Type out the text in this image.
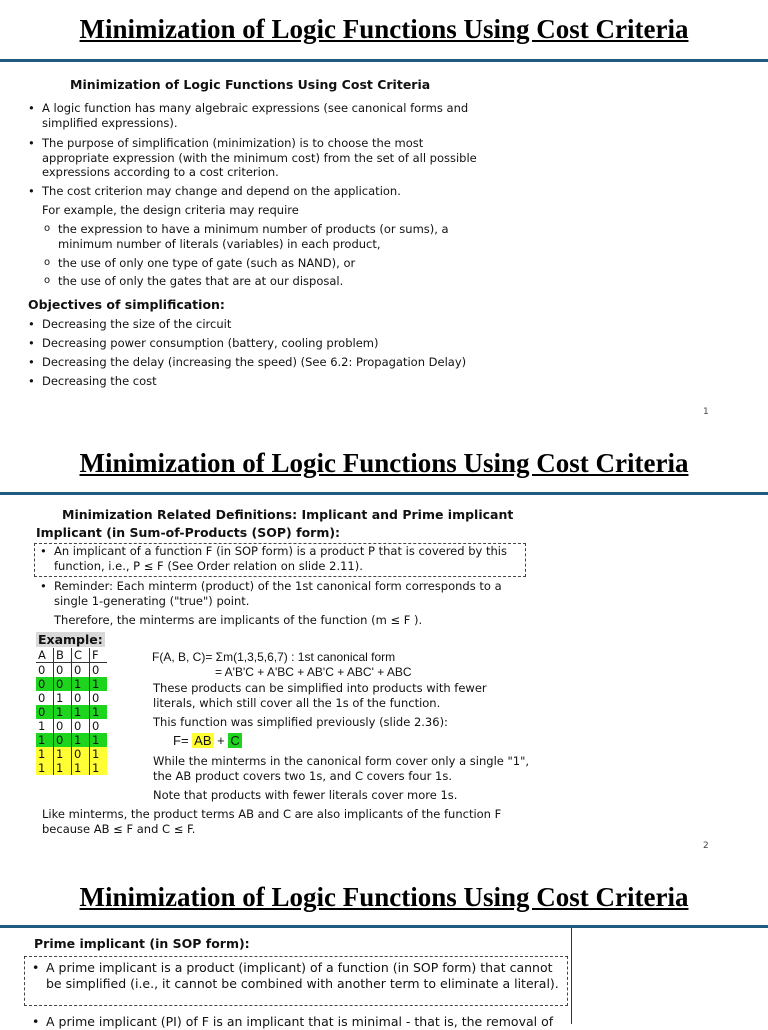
Minimization of Logic Functions Using Cost Criteria
Minimization of Logic Functions Using Cost Criteria
• A logic function has many algebraic expressions (see canonical forms and simplified expressions).
• The purpose of simplification (minimization) is to choose the most appropriate expression (with the minimum cost) from the set of all possible expressions according to a cost criterion.
• The cost criterion may change and depend on the application.
For example, the design criteria may require
o the expression to have a minimum number of products (or sums), a minimum number of literals (variables) in each product,
o the use of only one type of gate (such as NAND), or
o the use of only the gates that are at our disposal.
Objectives of simplification:
• Decreasing the size of the circuit
• Decreasing power consumption (battery, cooling problem)
• Decreasing the delay (increasing the speed) (See 6.2: Propagation Delay)
• Decreasing the cost
1
Minimization of Logic Functions Using Cost Criteria
Minimization Related Definitions: Implicant and Prime implicant
Implicant (in Sum-of-Products (SOP) form):
• An implicant of a function F (in SOP form) is a product P that is covered by this function, i.e., P ≤ F (See Order relation on slide 2.11).
• Reminder: Each minterm (product) of the 1st canonical form corresponds to a single 1-generating ("true") point.
Therefore, the minterms are implicants of the function (m ≤ F ).
Example:
A	B	C	F
0	0	0	0
0	0	1	1
0	1	0	0
0	1	1	1
1	0	0	0
1	0	1	1
1	1	0	1
1	1	1	1
F(A, B, C)= Σm(1,3,5,6,7) : 1st canonical form
= A'B'C + A'BC + AB'C + ABC' + ABC
These products can be simplified into products with fewer literals, which still cover all the 1s of the function.
This function was simplified previously (slide 2.36):
F= AB + C
While the minterms in the canonical form cover only a single "1", the AB product covers two 1s, and C covers four 1s.
Note that products with fewer literals cover more 1s.
Like minterms, the product terms AB and C are also implicants of the function F because AB ≤ F and C ≤ F.
2
Minimization of Logic Functions Using Cost Criteria
Prime implicant (in SOP form):
• A prime implicant is a product (implicant) of a function (in SOP form) that cannot be simplified (i.e., it cannot be combined with another term to eliminate a literal).
• A prime implicant (PI) of F is an implicant that is minimal - that is, the removal of
